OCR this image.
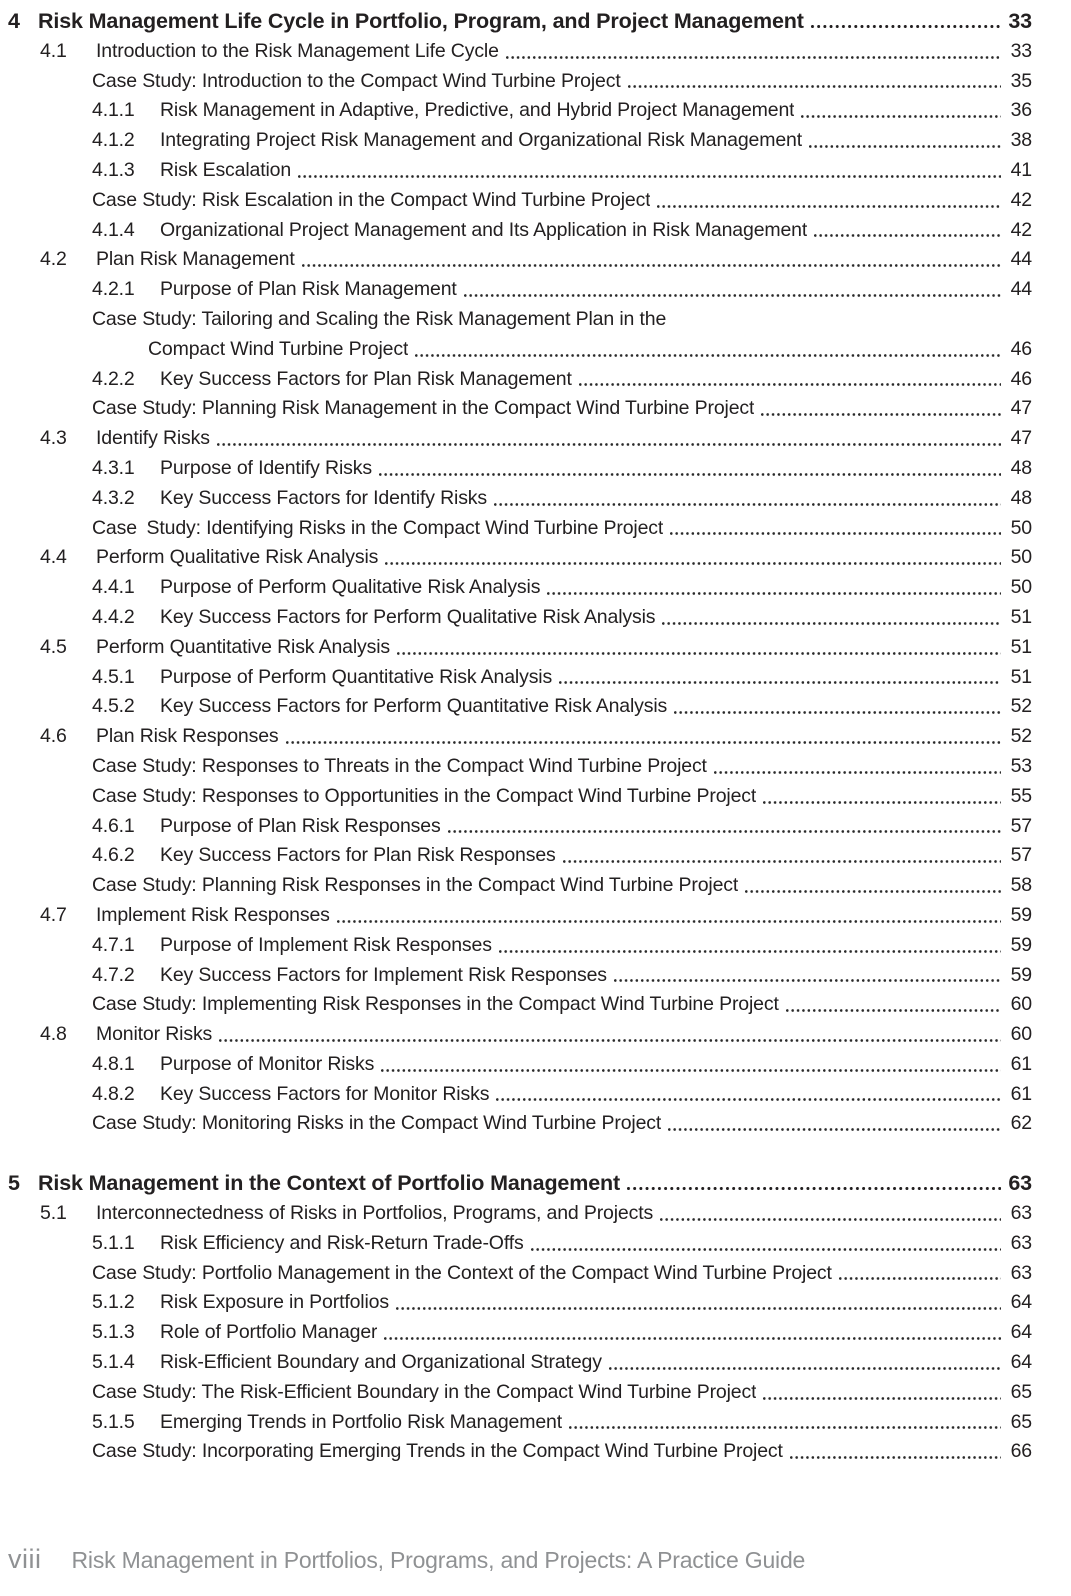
4 Risk Management Life Cycle in Portfolio, Program, and Project Management	33
4.1	Introduction to the Risk Management Life Cycle	33
Case Study: Introduction to the Compact Wind Turbine Project	35
4.1.1	Risk Management in Adaptive, Predictive, and Hybrid Project Management	36
4.1.2	Integrating Project Risk Management and Organizational Risk Management	38
4.1.3	Risk Escalation	41
Case Study: Risk Escalation in the Compact Wind Turbine Project	42
4.1.4	Organizational Project Management and Its Application in Risk Management	42
4.2	Plan Risk Management	44
4.2.1	Purpose of Plan Risk Management	44
Case Study: Tailoring and Scaling the Risk Management Plan in the
Compact Wind Turbine Project	46
4.2.2	Key Success Factors for Plan Risk Management	46
Case Study: Planning Risk Management in the Compact Wind Turbine Project	47
4.3	Identify Risks	47
4.3.1	Purpose of Identify Risks	48
4.3.2	Key Success Factors for Identify Risks	48
Case Study: Identifying Risks in the Compact Wind Turbine Project	50
4.4	Perform Qualitative Risk Analysis	50
4.4.1	Purpose of Perform Qualitative Risk Analysis	50
4.4.2	Key Success Factors for Perform Qualitative Risk Analysis	51
4.5	Perform Quantitative Risk Analysis	51
4.5.1	Purpose of Perform Quantitative Risk Analysis	51
4.5.2	Key Success Factors for Perform Quantitative Risk Analysis	52
4.6	Plan Risk Responses	52
Case Study: Responses to Threats in the Compact Wind Turbine Project	53
Case Study: Responses to Opportunities in the Compact Wind Turbine Project	55
4.6.1	Purpose of Plan Risk Responses	57
4.6.2	Key Success Factors for Plan Risk Responses	57
Case Study: Planning Risk Responses in the Compact Wind Turbine Project	58
4.7	Implement Risk Responses	59
4.7.1	Purpose of Implement Risk Responses	59
4.7.2	Key Success Factors for Implement Risk Responses	59
Case Study: Implementing Risk Responses in the Compact Wind Turbine Project	60
4.8	Monitor Risks	60
4.8.1	Purpose of Monitor Risks	61
4.8.2	Key Success Factors for Monitor Risks	61
Case Study: Monitoring Risks in the Compact Wind Turbine Project	62
5 Risk Management in the Context of Portfolio Management	63
5.1	Interconnectedness of Risks in Portfolios, Programs, and Projects	63
5.1.1	Risk Efficiency and Risk-Return Trade-Offs	63
Case Study: Portfolio Management in the Context of the Compact Wind Turbine Project	63
5.1.2	Risk Exposure in Portfolios	64
5.1.3	Role of Portfolio Manager	64
5.1.4	Risk-Efficient Boundary and Organizational Strategy	64
Case Study: The Risk-Efficient Boundary in the Compact Wind Turbine Project	65
5.1.5	Emerging Trends in Portfolio Risk Management	65
Case Study: Incorporating Emerging Trends in the Compact Wind Turbine Project	66
viii Risk Management in Portfolios, Programs, and Projects: A Practice Guide
